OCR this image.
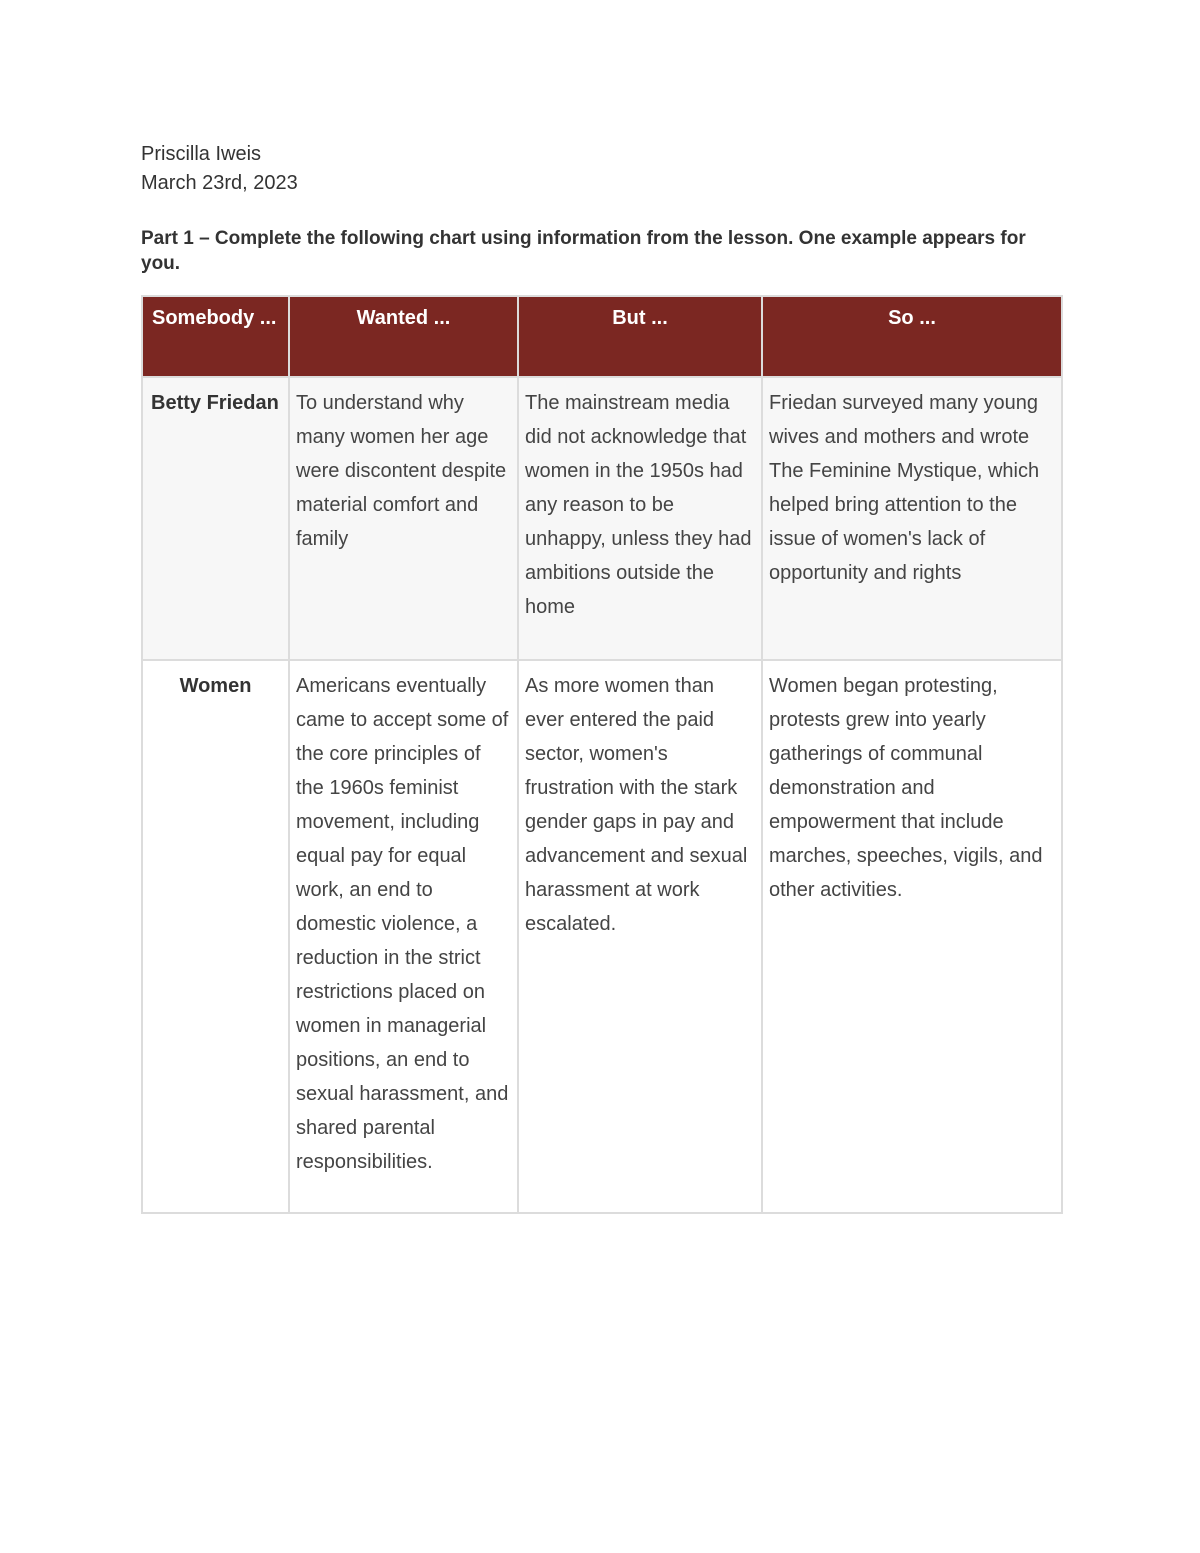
Priscilla Iweis
March 23rd, 2023
Part 1 – Complete the following chart using information from the lesson. One example appears for you.
Somebody ...	Wanted ...	But ...	So ...
Betty Friedan	To understand why many women her age were discontent despite material comfort and family	The mainstream media did not acknowledge that women in the 1950s had any reason to be unhappy, unless they had ambitions outside the home	Friedan surveyed many young wives and mothers and wrote The Feminine Mystique, which helped bring attention to the issue of women's lack of opportunity and rights
Women	Americans eventually came to accept some of the core principles of the 1960s feminist movement, including equal pay for equal work, an end to domestic violence, a reduction in the strict restrictions placed on women in managerial positions, an end to sexual harassment, and shared parental responsibilities.	As more women than ever entered the paid sector, women's frustration with the stark gender gaps in pay and advancement and sexual harassment at work escalated.	Women began protesting, protests grew into yearly gatherings of communal demonstration and empowerment that include marches, speeches, vigils, and other activities.
